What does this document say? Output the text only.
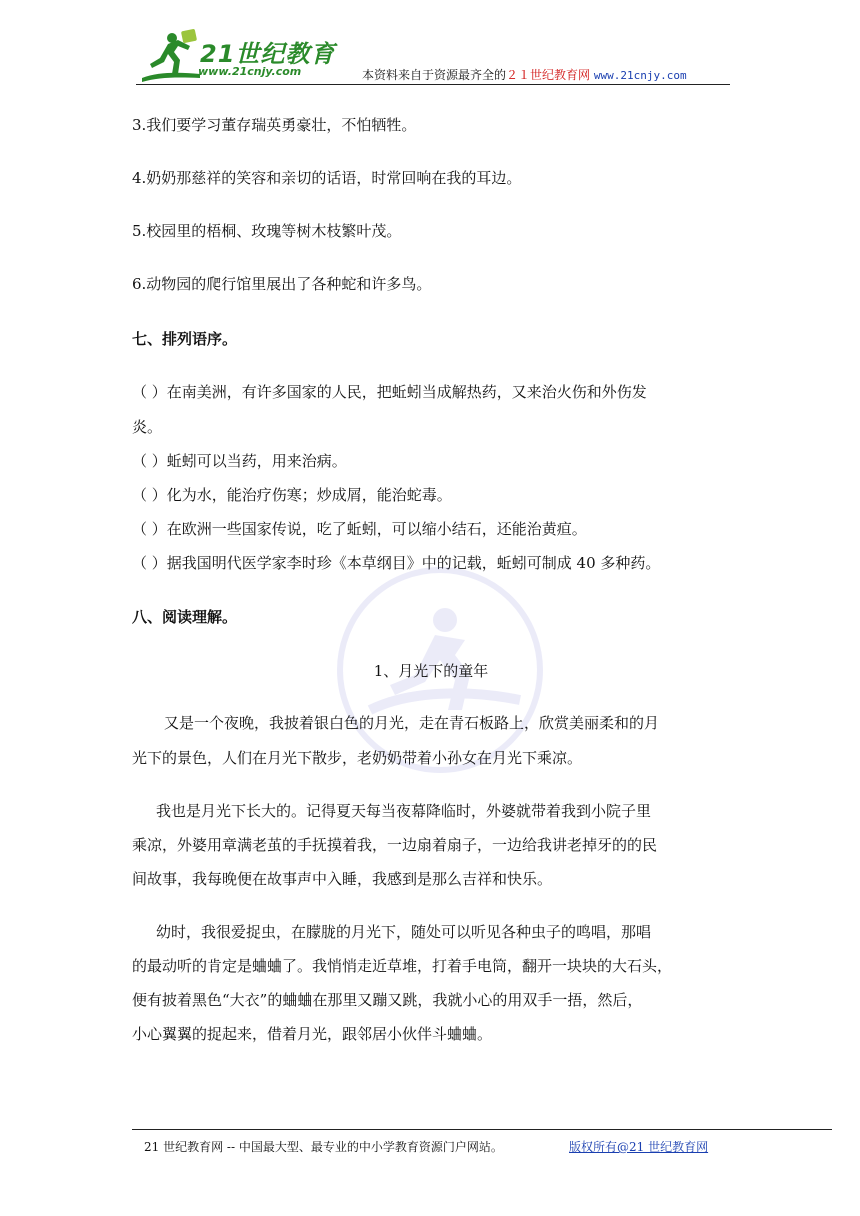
21世纪教育
www.21cnjy.com	本资料来自于资源最齐全的２１世纪教育网 www.21cnjy.com
3.我们要学习董存瑞英勇豪壮，不怕牺牲。
4.奶奶那慈祥的笑容和亲切的话语，时常回响在我的耳边。
5.校园里的梧桐、玫瑰等树木枝繁叶茂。
6.动物园的爬行馆里展出了各种蛇和许多鸟。
七、排列语序。
（ ）在南美洲，有许多国家的人民，把蚯蚓当成解热药，又来治火伤和外伤发
炎。
（ ）蚯蚓可以当药，用来治病。
（ ）化为水，能治疗伤寒；炒成屑，能治蛇毒。
（ ）在欧洲一些国家传说，吃了蚯蚓，可以缩小结石，还能治黄疸。
（ ）据我国明代医学家李时珍《本草纲目》中的记载，蚯蚓可制成 40 多种药。
八、阅读理解。
1、月光下的童年
又是一个夜晚，我披着银白色的月光，走在青石板路上，欣赏美丽柔和的月
光下的景色，人们在月光下散步，老奶奶带着小孙女在月光下乘凉。
我也是月光下长大的。记得夏天每当夜幕降临时，外婆就带着我到小院子里
乘凉，外婆用章满老茧的手抚摸着我，一边扇着扇子，一边给我讲老掉牙的的民
间故事，我每晚便在故事声中入睡，我感到是那么吉祥和快乐。
幼时，我很爱捉虫，在朦胧的月光下，随处可以听见各种虫子的鸣唱，那唱
的最动听的肯定是蛐蛐了。我悄悄走近草堆，打着手电筒，翻开一块块的大石头，
便有披着黑色“大衣”的蛐蛐在那里又蹦又跳，我就小心的用双手一捂，然后，
小心翼翼的捉起来，借着月光，跟邻居小伙伴斗蛐蛐。
21 世纪教育网 -- 中国最大型、最专业的中小学教育资源门户网站。	版权所有@21 世纪教育网
